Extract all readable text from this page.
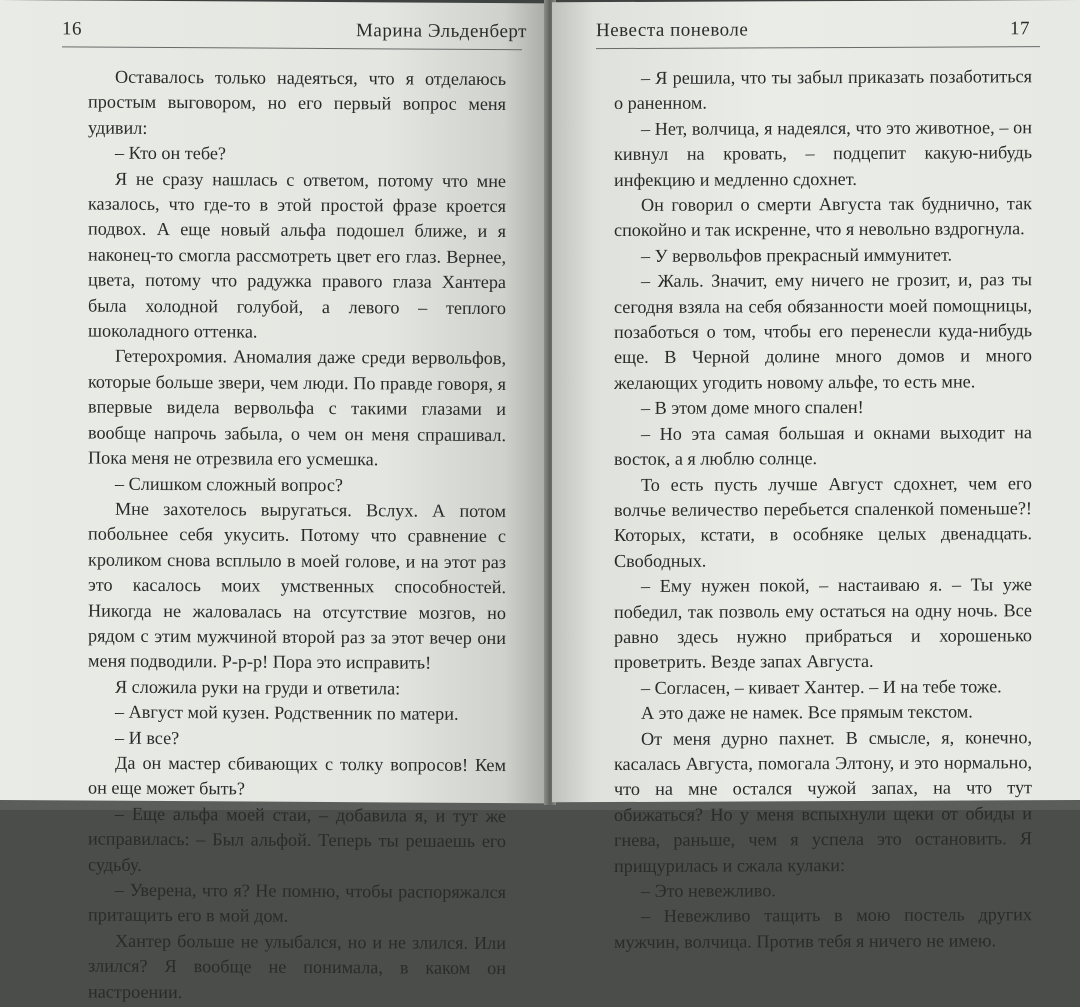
16	Марина Эльденберт

Оставалось только надеяться, что я отделаюсь простым выговором, но его первый вопрос меня удивил:

– Кто он тебе?

Я не сразу нашлась с ответом, потому что мне казалось, что где-то в этой простой фразе кроется подвох. А еще новый альфа подошел ближе, и я наконец-то смогла рассмотреть цвет его глаз. Вернее, цвета, потому что радужка правого глаза Хантера была холодной голубой, а левого – теплого шоколадного оттенка.

Гетерохромия. Аномалия даже среди вервольфов, которые больше звери, чем люди. По правде говоря, я впервые видела вервольфа с такими глазами и вообще напрочь забыла, о чем он меня спрашивал. Пока меня не отрезвила его усмешка.

– Слишком сложный вопрос?

Мне захотелось выругаться. Вслух. А потом побольнее себя укусить. Потому что сравнение с кроликом снова всплыло в моей голове, и на этот раз это касалось моих умственных способностей. Никогда не жаловалась на отсутствие мозгов, но рядом с этим мужчиной второй раз за этот вечер они меня подводили. Р-р-р! Пора это исправить!

Я сложила руки на груди и ответила:

– Август мой кузен. Родственник по матери.

– И все?

Да он мастер сбивающих с толку вопросов! Кем он еще может быть?

– Еще альфа моей стаи, – добавила я, и тут же исправилась: – Был альфой. Теперь ты решаешь его судьбу.

– Уверена, что я? Не помню, чтобы распоряжался притащить его в мой дом.

Хантер больше не улыбался, но и не злился. Или злился? Я вообще не понимала, в каком он настроении.

Невеста поневоле	17

– Я решила, что ты забыл приказать позаботиться о раненном.

– Нет, волчица, я надеялся, что это животное, – он кивнул на кровать, – подцепит какую-нибудь инфекцию и медленно сдохнет.

Он говорил о смерти Августа так буднично, так спокойно и так искренне, что я невольно вздрогнула.

– У вервольфов прекрасный иммунитет.

– Жаль. Значит, ему ничего не грозит, и, раз ты сегодня взяла на себя обязанности моей помощницы, позаботься о том, чтобы его перенесли куда-нибудь еще. В Черной долине много домов и много желающих угодить новому альфе, то есть мне.

– В этом доме много спален!

– Но эта самая большая и окнами выходит на восток, а я люблю солнце.

То есть пусть лучше Август сдохнет, чем его волчье величество перебьется спаленкой поменьше?! Которых, кстати, в особняке целых двенадцать. Свободных.

– Ему нужен покой, – настаиваю я. – Ты уже победил, так позволь ему остаться на одну ночь. Все равно здесь нужно прибраться и хорошенько проветрить. Везде запах Августа.

– Согласен, – кивает Хантер. – И на тебе тоже.

А это даже не намек. Все прямым текстом.

От меня дурно пахнет. В смысле, я, конечно, касалась Августа, помогала Элтону, и это нормально, что на мне остался чужой запах, на что тут обижаться? Но у меня вспыхнули щеки от обиды и гнева, раньше, чем я успела это остановить. Я прищурилась и сжала кулаки:

– Это невежливо.

– Невежливо тащить в мою постель других мужчин, волчица. Против тебя я ничего не имею.
